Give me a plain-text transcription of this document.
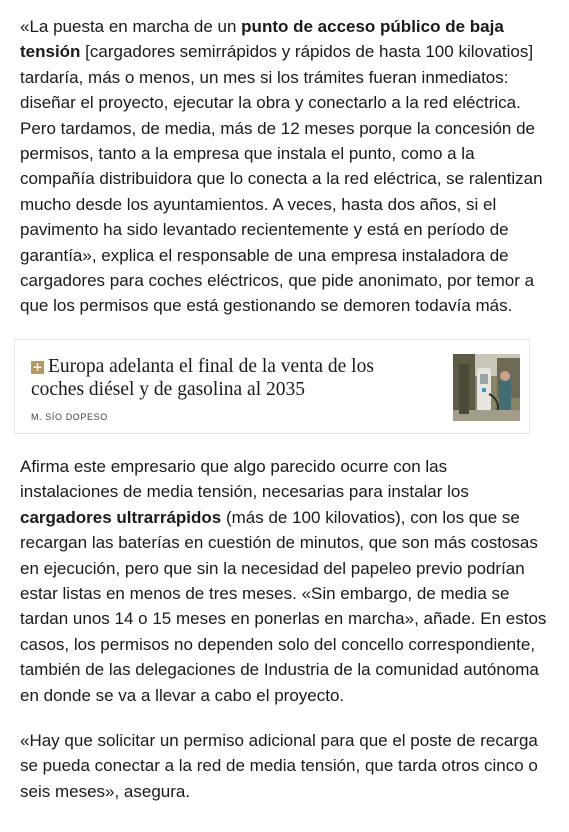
«La puesta en marcha de un punto de acceso público de baja tensión [cargadores semirrápidos y rápidos de hasta 100 kilovatios] tardaría, más o menos, un mes si los trámites fueran inmediatos: diseñar el proyecto, ejecutar la obra y conectarlo a la red eléctrica. Pero tardamos, de media, más de 12 meses porque la concesión de permisos, tanto a la empresa que instala el punto, como a la compañía distribuidora que lo conecta a la red eléctrica, se ralentizan mucho desde los ayuntamientos. A veces, hasta dos años, si el pavimento ha sido levantado recientemente y está en período de garantía», explica el responsable de una empresa instaladora de cargadores para coches eléctricos, que pide anonimato, por temor a que los permisos que está gestionando se demoren todavía más.

+ Europa adelanta el final de la venta de los coches diésel y de gasolina al 2035
M. SÍO DOPESO

Afirma este empresario que algo parecido ocurre con las instalaciones de media tensión, necesarias para instalar los cargadores ultrarrápidos (más de 100 kilovatios), con los que se recargan las baterías en cuestión de minutos, que son más costosas en ejecución, pero que sin la necesidad del papeleo previo podrían estar listas en menos de tres meses. «Sin embargo, de media se tardan unos 14 o 15 meses en ponerlas en marcha», añade. En estos casos, los permisos no dependen solo del concello correspondiente, también de las delegaciones de Industria de la comunidad autónoma en donde se va a llevar a cabo el proyecto.

«Hay que solicitar un permiso adicional para que el poste de recarga se pueda conectar a la red de media tensión, que tarda otros cinco o seis meses», asegura.
